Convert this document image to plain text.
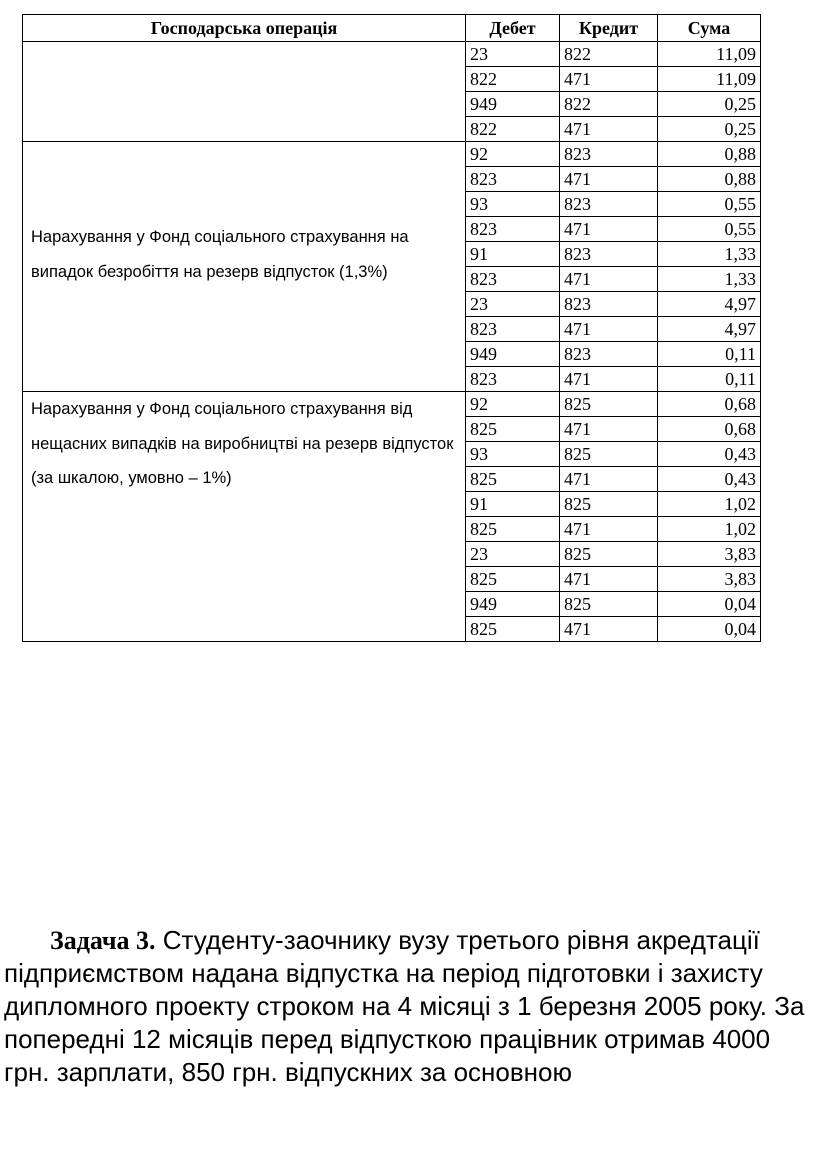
Господарська операція	Дебет	Кредит	Сума

	23	822	11,09
	822	471	11,09
	949	822	0,25
	822	471	0,25

Нарахування у Фонд соціального страхування на випадок безробіття на резерв відпусток (1,3%)	92	823	0,88
	823	471	0,88
	93	823	0,55
	823	471	0,55
	91	823	1,33
	823	471	1,33
	23	823	4,97
	823	471	4,97
	949	823	0,11
	823	471	0,11

Нарахування у Фонд соціального страхування від нещасних випадків на виробництві на резерв відпусток (за шкалою, умовно – 1%)	92	825	0,68
	825	471	0,68
	93	825	0,43
	825	471	0,43
	91	825	1,02
	825	471	1,02
	23	825	3,83
	825	471	3,83
	949	825	0,04
	825	471	0,04

Задача 3. Студенту-заочнику вузу третього рівня акредтації підприємством надана відпустка на період підготовки і захисту дипломного проекту строком на 4 місяці з 1 березня 2005 року. За попередні 12 місяців перед відпусткою працівник отримав 4000 грн. зарплати, 850 грн. відпускних за основною
